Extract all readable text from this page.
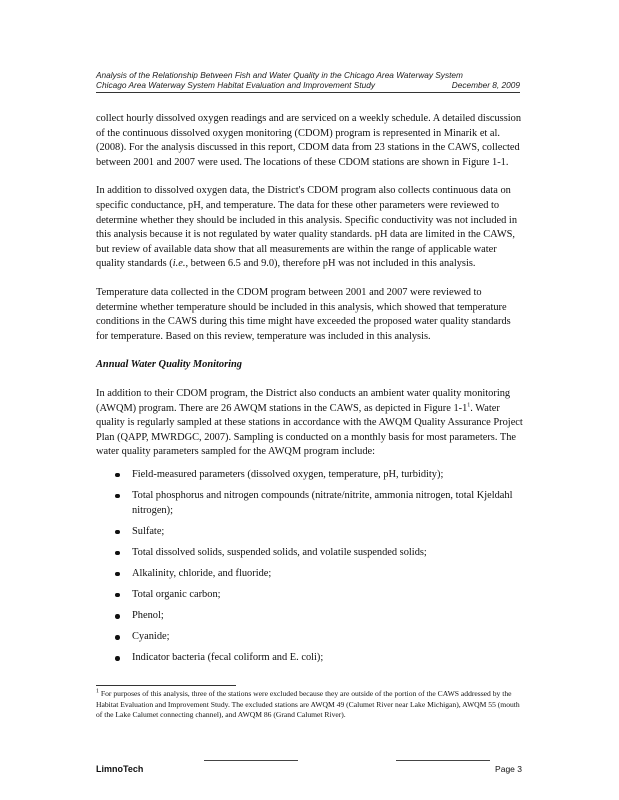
Analysis of the Relationship Between Fish and Water Quality in the Chicago Area Waterway System
Chicago Area Waterway System Habitat Evaluation and Improvement Study	December 8, 2009

collect hourly dissolved oxygen readings and are serviced on a weekly schedule. A detailed discussion of the continuous dissolved oxygen monitoring (CDOM) program is represented in Minarik et al. (2008). For the analysis discussed in this report, CDOM data from 23 stations in the CAWS, collected between 2001 and 2007 were used. The locations of these CDOM stations are shown in Figure 1-1.

In addition to dissolved oxygen data, the District's CDOM program also collects continuous data on specific conductance, pH, and temperature. The data for these other parameters were reviewed to determine whether they should be included in this analysis. Specific conductivity was not included in this analysis because it is not regulated by water quality standards. pH data are limited in the CAWS, but review of available data show that all measurements are within the range of applicable water quality standards (i.e., between 6.5 and 9.0), therefore pH was not included in this analysis.

Temperature data collected in the CDOM program between 2001 and 2007 were reviewed to determine whether temperature should be included in this analysis, which showed that temperature conditions in the CAWS during this time might have exceeded the proposed water quality standards for temperature. Based on this review, temperature was included in this analysis.

Annual Water Quality Monitoring

In addition to their CDOM program, the District also conducts an ambient water quality monitoring (AWQM) program. There are 26 AWQM stations in the CAWS, as depicted in Figure $1-1^1$. Water quality is regularly sampled at these stations in accordance with the AWQM Quality Assurance Project Plan (QAPP, MWRDGC, 2007). Sampling is conducted on a monthly basis for most parameters. The water quality parameters sampled for the AWQM program include:

Field-measured parameters (dissolved oxygen, temperature, pH, turbidity);
Total phosphorus and nitrogen compounds (nitrate/nitrite, ammonia nitrogen, total Kjeldahl nitrogen);
Sulfate;
Total dissolved solids, suspended solids, and volatile suspended solids;
Alkalinity, chloride, and fluoride;
Total organic carbon;
Phenol;
Cyanide;
Indicator bacteria (fecal coliform and E. coli);
$^1$ For purposes of this analysis, three of the stations were excluded because they are outside of the portion of the CAWS addressed by the Habitat Evaluation and Improvement Study. The excluded stations are AWQM 49 (Calumet River near Lake Michigan), AWQM 55 (mouth of the Lake Calumet connecting channel), and AWQM 86 (Grand Calumet River).
LimnoTech	Page 3
